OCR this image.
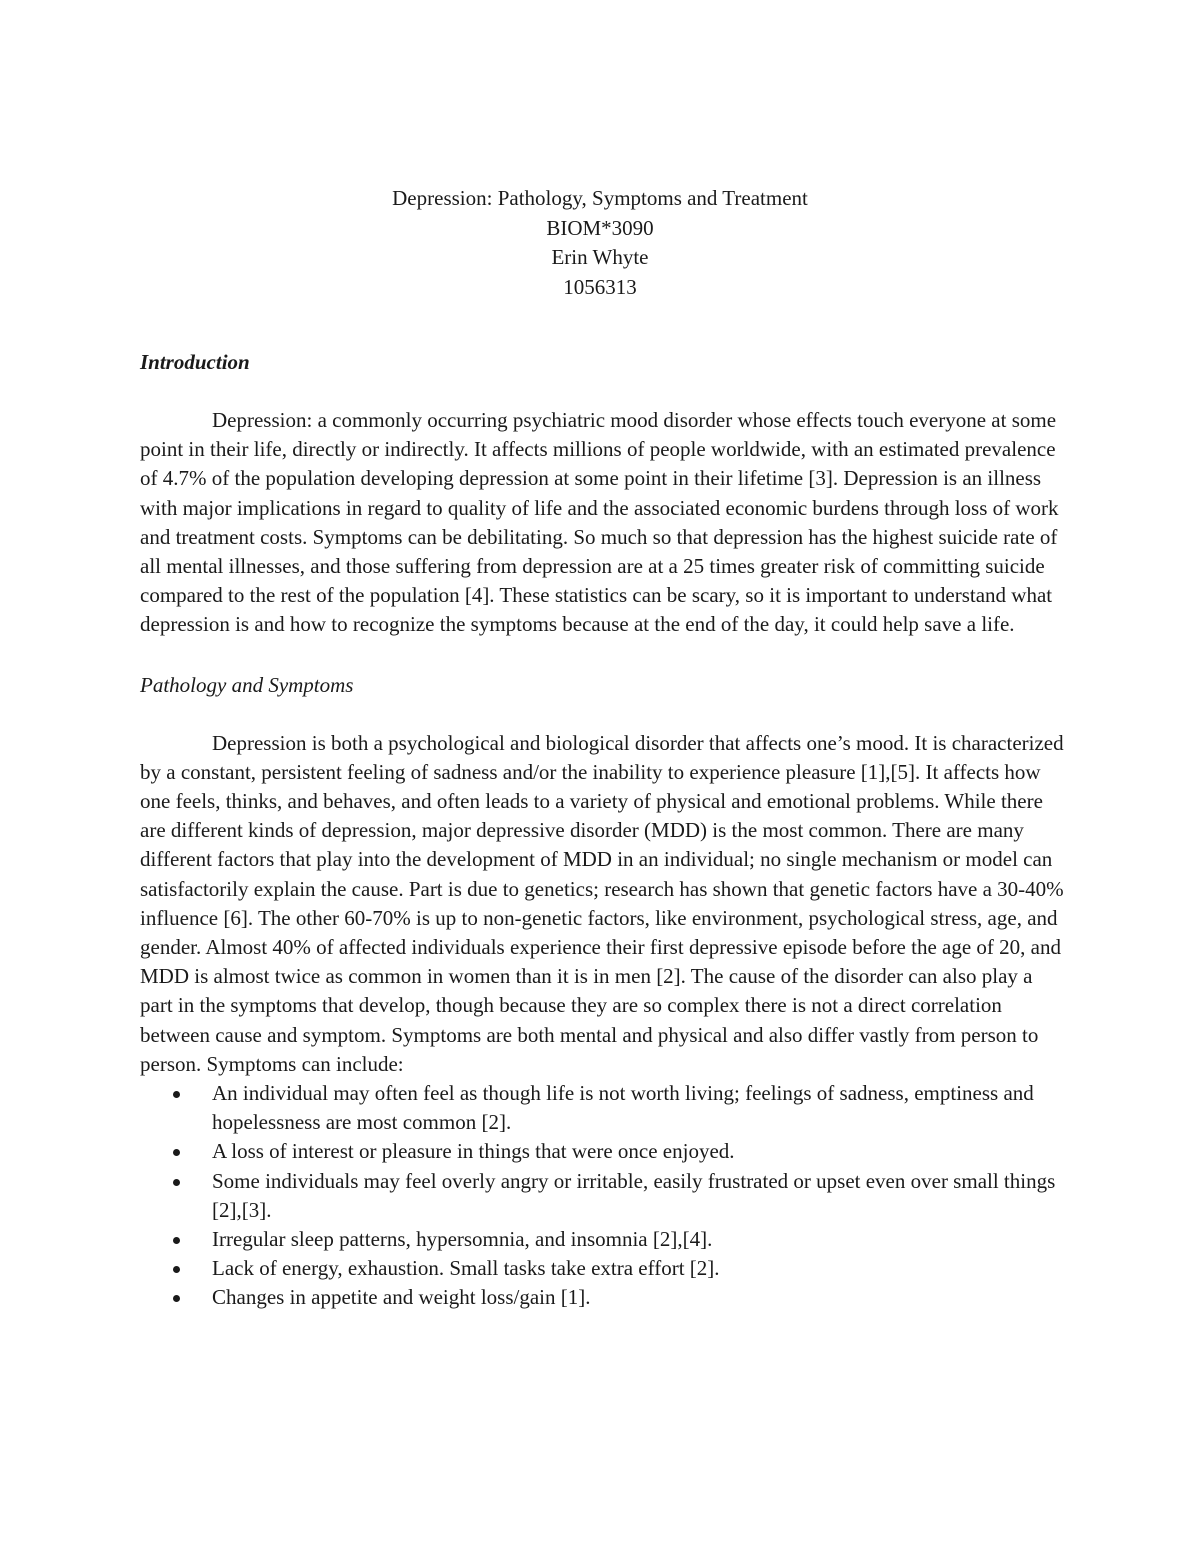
Depression: Pathology, Symptoms and Treatment
BIOM*3090
Erin Whyte
1056313
Introduction

Depression: a commonly occurring psychiatric mood disorder whose effects touch everyone at some point in their life, directly or indirectly. It affects millions of people worldwide, with an estimated prevalence of 4.7% of the population developing depression at some point in their lifetime [3]. Depression is an illness with major implications in regard to quality of life and the associated economic burdens through loss of work and treatment costs. Symptoms can be debilitating. So much so that depression has the highest suicide rate of all mental illnesses, and those suffering from depression are at a 25 times greater risk of committing suicide compared to the rest of the population [4]. These statistics can be scary, so it is important to understand what depression is and how to recognize the symptoms because at the end of the day, it could help save a life.

Pathology and Symptoms

Depression is both a psychological and biological disorder that affects one’s mood. It is characterized by a constant, persistent feeling of sadness and/or the inability to experience pleasure [1],[5]. It affects how one feels, thinks, and behaves, and often leads to a variety of physical and emotional problems. While there are different kinds of depression, major depressive disorder (MDD) is the most common. There are many different factors that play into the development of MDD in an individual; no single mechanism or model can satisfactorily explain the cause. Part is due to genetics; research has shown that genetic factors have a 30-40% influence [6]. The other 60-70% is up to non-genetic factors, like environment, psychological stress, age, and gender. Almost 40% of affected individuals experience their first depressive episode before the age of 20, and MDD is almost twice as common in women than it is in men [2]. The cause of the disorder can also play a part in the symptoms that develop, though because they are so complex there is not a direct correlation between cause and symptom. Symptoms are both mental and physical and also differ vastly from person to person. Symptoms can include:

An individual may often feel as though life is not worth living; feelings of sadness, emptiness and hopelessness are most common [2].
A loss of interest or pleasure in things that were once enjoyed.
Some individuals may feel overly angry or irritable, easily frustrated or upset even over small things [2],[3].
Irregular sleep patterns, hypersomnia, and insomnia [2],[4].
Lack of energy, exhaustion. Small tasks take extra effort [2].
Changes in appetite and weight loss/gain [1].
